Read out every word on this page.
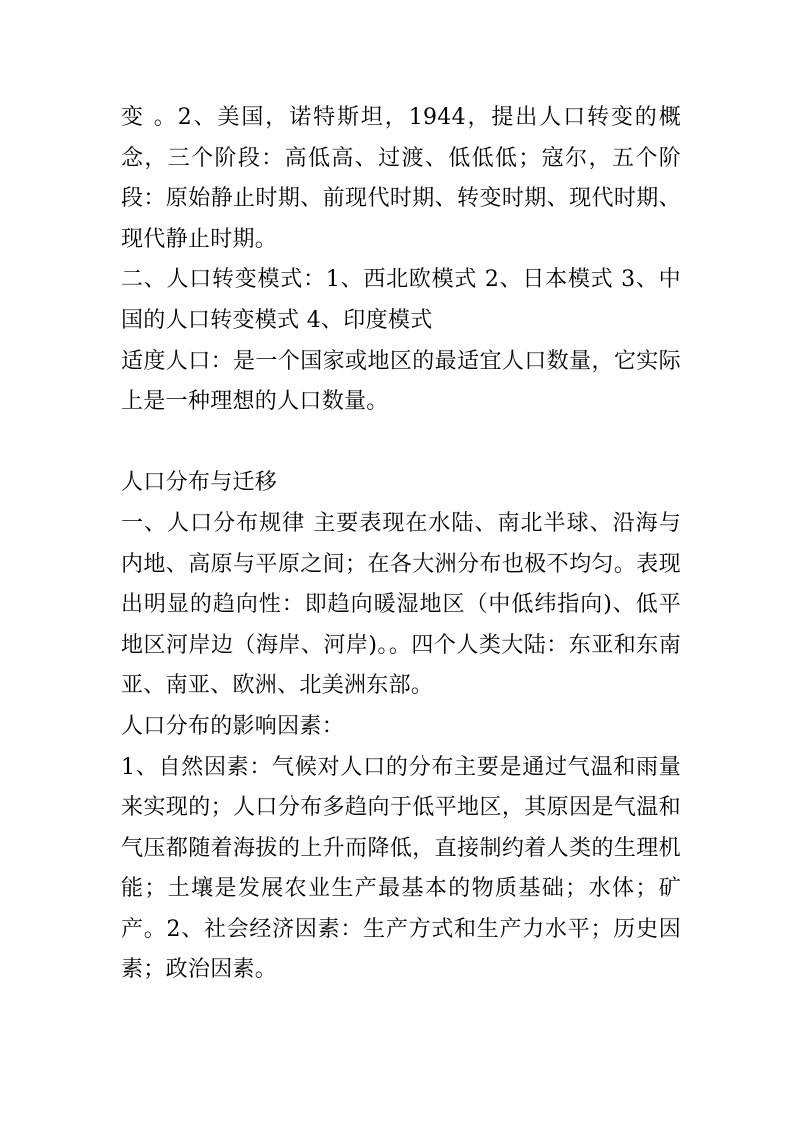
变 。2、美国，诺特斯坦，1944，提出人口转变的概念，三个阶段：高低高、过渡、低低低；寇尔，五个阶段：原始静止时期、前现代时期、转变时期、现代时期、现代静止时期。

二、人口转变模式：1、西北欧模式 2、日本模式 3、中国的人口转变模式 4、印度模式

适度人口：是一个国家或地区的最适宜人口数量，它实际上是一种理想的人口数量。

人口分布与迁移

一、人口分布规律 主要表现在水陆、南北半球、沿海与内地、高原与平原之间；在各大洲分布也极不均匀。表现出明显的趋向性：即趋向暖湿地区（中低纬指向)、低平地区河岸边（海岸、河岸)。。四个人类大陆：东亚和东南亚、南亚、欧洲、北美洲东部。

人口分布的影响因素：

1、自然因素：气候对人口的分布主要是通过气温和雨量来实现的；人口分布多趋向于低平地区，其原因是气温和气压都随着海拔的上升而降低，直接制约着人类的生理机能；土壤是发展农业生产最基本的物质基础；水体；矿产。2、社会经济因素：生产方式和生产力水平；历史因素；政治因素。
